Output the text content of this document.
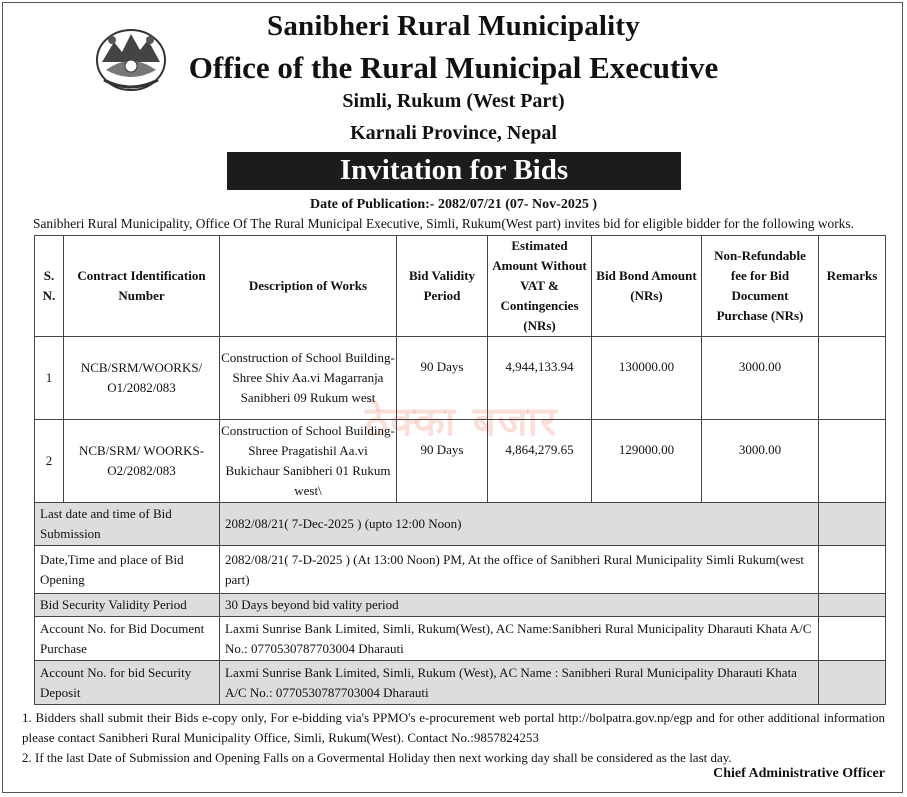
Sanibheri Rural Municipality
Office of the Rural Municipal Executive
Simli, Rukum (West Part)
Karnali Province, Nepal
Invitation for Bids
Date of Publication:- 2082/07/21 (07- Nov-2025 )
Sanibheri Rural Municipality, Office Of The Rural Municipal Executive, Simli, Rukum(West part) invites bid for eligible bidder for the following works.
ठेक्का बजार
S. N.	Contract Identification Number	Description of Works	Bid Validity Period	Estimated Amount Without VAT & Contingencies (NRs)	Bid Bond Amount (NRs)	Non-Refundable fee for Bid Document Purchase (NRs)	Remarks
1	NCB/SRM/WOORKS/ O1/2082/083	Construction of School Building- Shree Shiv Aa.vi Magarranja Sanibheri 09 Rukum west	90 Days	4,944,133.94	130000.00	3000.00	
2	NCB/SRM/ WOORKS-O2/2082/083	Construction of School Building- Shree Pragatishil Aa.vi Bukichaur Sanibheri 01 Rukum west\	90 Days	4,864,279.65	129000.00	3000.00	
Last date and time of Bid Submission		2082/08/21( 7-Dec-2025 ) (upto 12:00 Noon)					
Date,Time and place of Bid Opening		2082/08/21( 7-D-2025 ) (At 13:00 Noon) PM, At the office of Sanibheri Rural Municipality Simli Rukum(west part)					
Bid Security Validity Period		30 Days beyond bid vality period					
Account No. for Bid Document Purchase		Laxmi Sunrise Bank Limited, Simli, Rukum(West), AC Name:Sanibheri Rural Municipality Dharauti Khata A/C No.: 0770530787703004 Dharauti					
Account No. for bid Security Deposit		Laxmi Sunrise Bank Limited, Simli, Rukum (West), AC Name : Sanibheri Rural Municipality Dharauti Khata A/C No.: 0770530787703004 Dharauti					

1. Bidders shall submit their Bids e-copy only, For e-bidding via's PPMO's e-procurement web portal http://bolpatra.gov.np/egp and for other additional information please contact Sanibheri Rural Municipality Office, Simli, Rukum(West). Contact No.:9857824253

2. If the last Date of Submission and Opening Falls on a Govermental Holiday then next working day shall be considered as the last day.

Chief Administrative Officer
